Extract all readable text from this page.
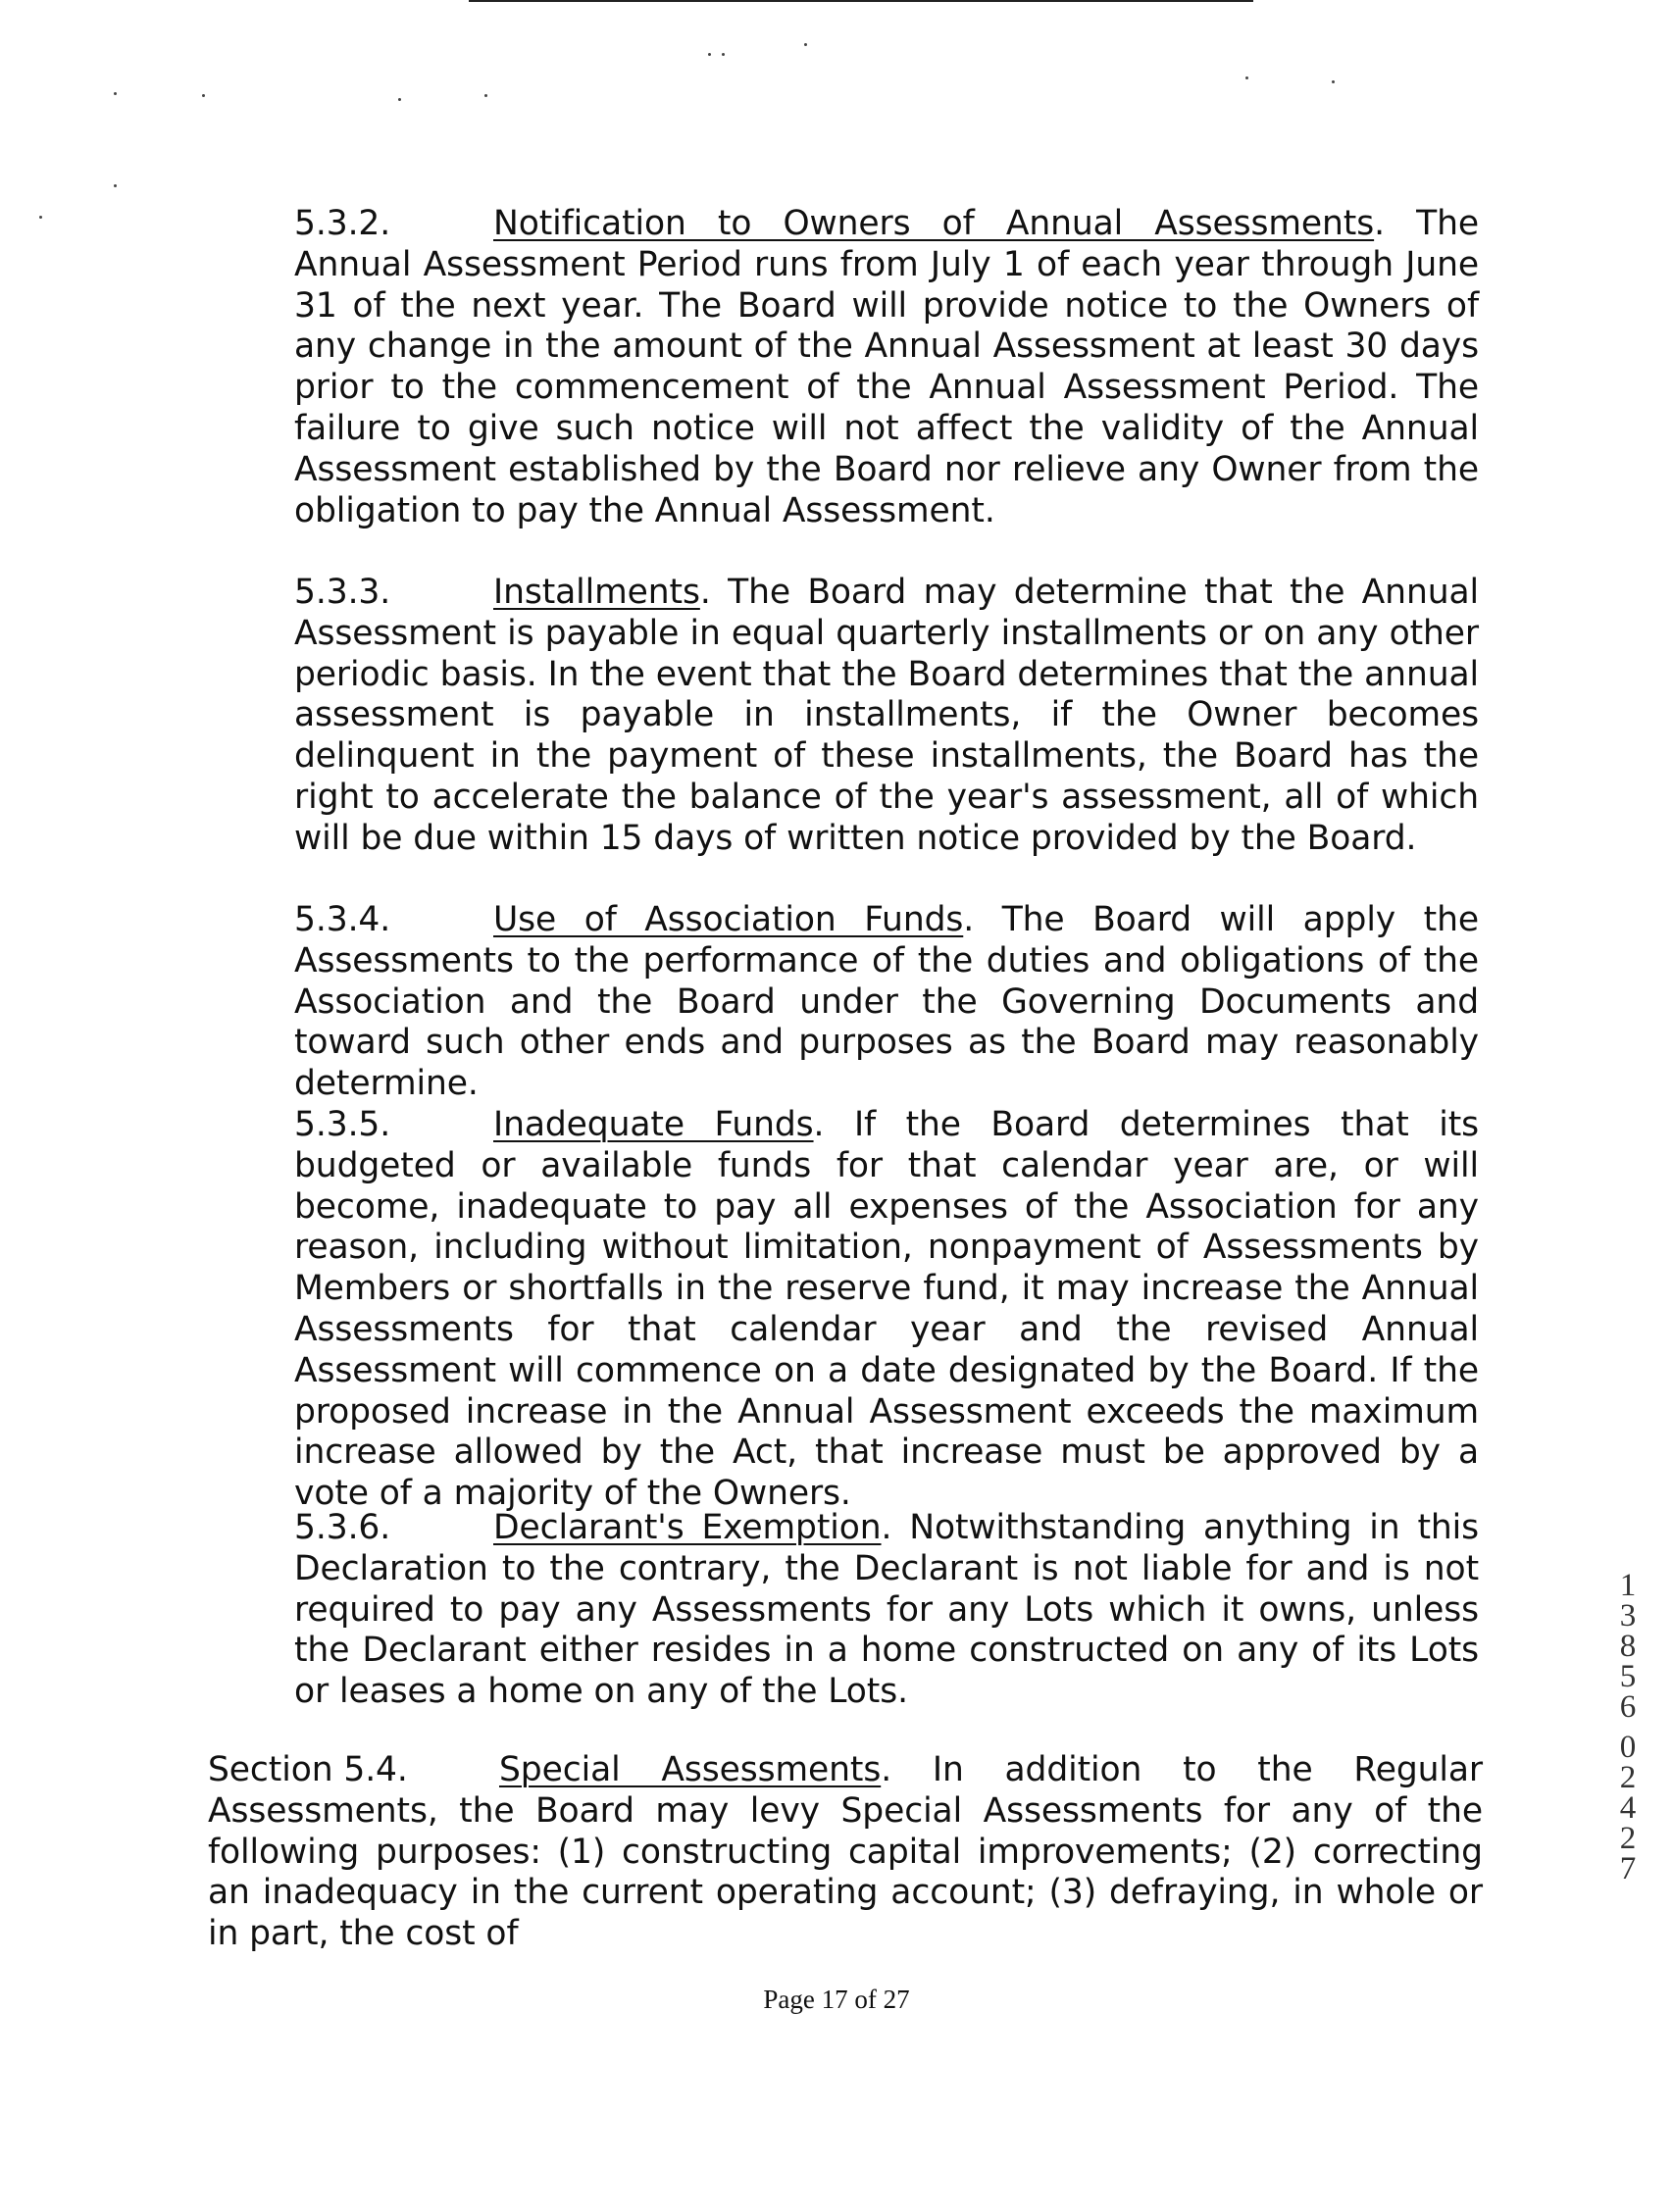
5.3.2.	Notification to Owners of Annual Assessments. The Annual Assessment Period runs from July 1 of each year through June 31 of the next year. The Board will provide notice to the Owners of any change in the amount of the Annual Assessment at least 30 days prior to the commencement of the Annual Assessment Period. The failure to give such notice will not affect the validity of the Annual Assessment established by the Board nor relieve any Owner from the obligation to pay the Annual Assessment.

5.3.3.	Installments. The Board may determine that the Annual Assessment is payable in equal quarterly installments or on any other periodic basis. In the event that the Board determines that the annual assessment is payable in installments, if the Owner becomes delinquent in the payment of these installments, the Board has the right to accelerate the balance of the year's assessment, all of which will be due within 15 days of written notice provided by the Board.

5.3.4.	Use of Association Funds. The Board will apply the Assessments to the performance of the duties and obligations of the Association and the Board under the Governing Documents and toward such other ends and purposes as the Board may reasonably determine.

5.3.5.	Inadequate Funds. If the Board determines that its budgeted or available funds for that calendar year are, or will become, inadequate to pay all expenses of the Association for any reason, including without limitation, nonpayment of Assessments by Members or shortfalls in the reserve fund, it may increase the Annual Assessments for that calendar year and the revised Annual Assessment will commence on a date designated by the Board. If the proposed increase in the Annual Assessment exceeds the maximum increase allowed by the Act, that increase must be approved by a vote of a majority of the Owners.

5.3.6.	Declarant's Exemption. Notwithstanding anything in this Declaration to the contrary, the Declarant is not liable for and is not required to pay any Assessments for any Lots which it owns, unless the Declarant either resides in a home constructed on any of its Lots or leases a home on any of the Lots.

Section 5.4.	Special Assessments. In addition to the Regular Assessments, the Board may levy Special Assessments for any of the following purposes: (1) constructing capital improvements; (2) correcting an inadequacy in the current operating account; (3) defraying, in whole or in part, the cost of

Page 17 of 27
1
3
8
5
6
0
2
4
2
7
